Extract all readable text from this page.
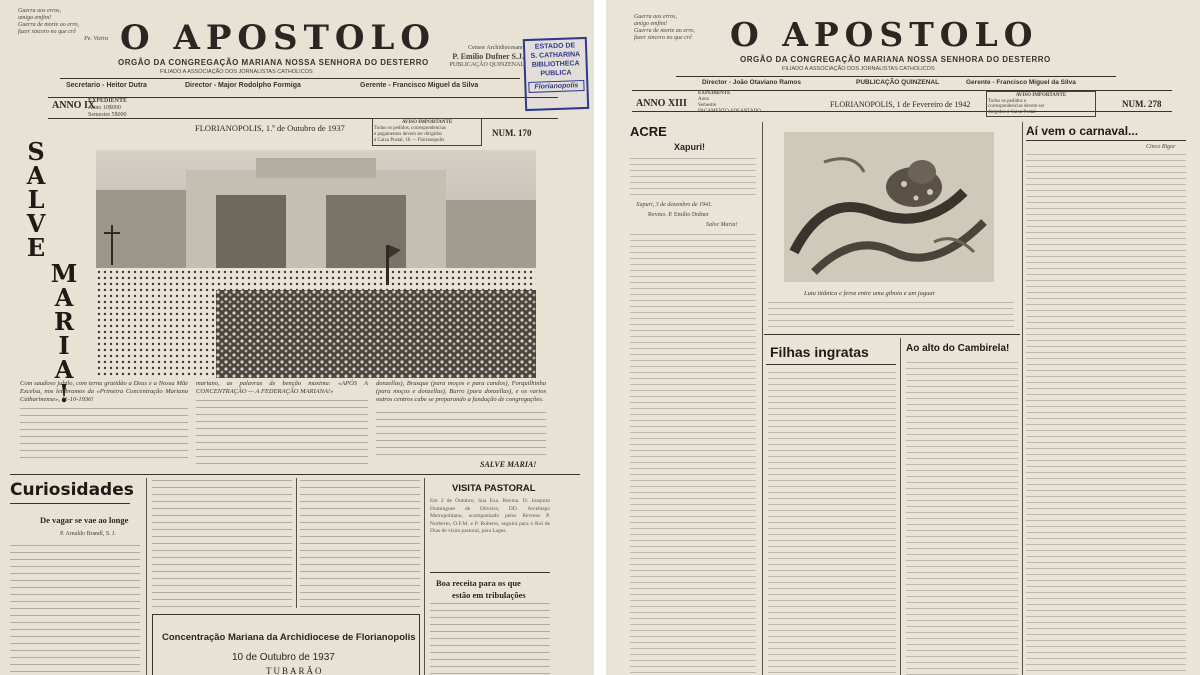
Guerra aos erros,
amigo emfim!
Guerra de morte ao erro,
fazer sincero no que crê
Pe. Vieira O APOSTOLO
ORGÃO DA CONGREGAÇÃO MARIANA NOSSA SENHORA DO DESTERRO
FILIADO A ASSOCIAÇÃO DOS JORNALISTAS CATHOLICOS
Censor Archidiocesano
P. Emilio Dufner S.J.
PUBLICAÇÃO QUINZENAL
ESTADO DE
S. CATHARINA
BIBLIOTHECA
PUBLICA
Florianopolis
Secretario - Heitor Dutra	Director - Major Rodolpho Formiga	Gerente - Francisco Miguel da Silva
ANNO IX
EXPEDIENTE
Anno 10$000
Semestre 5$000
FLORIANOPOLIS, 1.º de Outubro de 1937
AVISO IMPORTANTE
Todos os pedidos, correspondencias
e pagamentos devem ser dirigidos
á Caixa Postal, 18 — Florianopolis
NUM. 170
S
A
L
V
E
M
A
R
I
A
!
Com saudoso jubilo, com terna gratidão a Deus e a Nossa Mãe Excelsa, nos lembramos da «Primeira Concentração Mariana Catharinense», 11-10-1936!
mariano, as palavras de benção maxima: «APÓS A CONCENTRAÇÃO — A FEDERAÇÃO MARIANA!»
donzellas), Brusque (para moços e para candos), Forquilhinha (para moços e donzellas), Burro (para donzellas), e os varios outros centros cabe se preparando a fundação de congregações.
SALVE MARIA!
Curiosidades
De vagar se vae ao longe
P. Arnaldo Brandl, S. J.
VISITA PASTORAL
Em 2 de Outubro, Sua Exa. Revma. D. Joaquim Domingues de Oliveira, DD. Arcebispo Metropolitano, acompanhado pelos Revmos P. Norberto, O.F.M. e P. Roberto, seguirá para o Rol de Dias de visita pastoral, para Lages.
Boa receita para os que
estão em tribulações
Concentração Mariana da Archidiocese de Florianopolis
10 de Outubro de 1937
TUBARÃO
Guerra aos erros,
amigo emfim!
Guerra de morte ao erro,
fazer sincero no que crê	O APOSTOLO
ORGÃO DA CONGREGAÇÃO MARIANA NOSSA SENHORA DO DESTERRO
FILIADO A ASSOCIAÇÃO DOS JORNALISTAS CATHOLICOS
Director - João Otaviano Ramos	PUBLICAÇÃO QUINZENAL	Gerente - Francisco Miguel da Silva
ANNO XIII
EXPEDIENTE
Anno
Semestre
PAGAMENTO ADEANTADO
FLORIANOPOLIS, 1 de Fevereiro de 1942
AVISO IMPORTANTE
Todos os pedidos e
correspondencias devem ser
dirigidos á Caixa Postal
NUM. 278
ACRE
Xapuri!
Xapuri, 3 de dezembro de 1941.
Revmo. P. Emilio Dufner
Salve Maria!
Luta titânica e feroz entre uma giboia e um jaguar
Filhas ingratas	Ao alto do Cambirela!
Aí vem o carnaval...
Cinco Rigor
